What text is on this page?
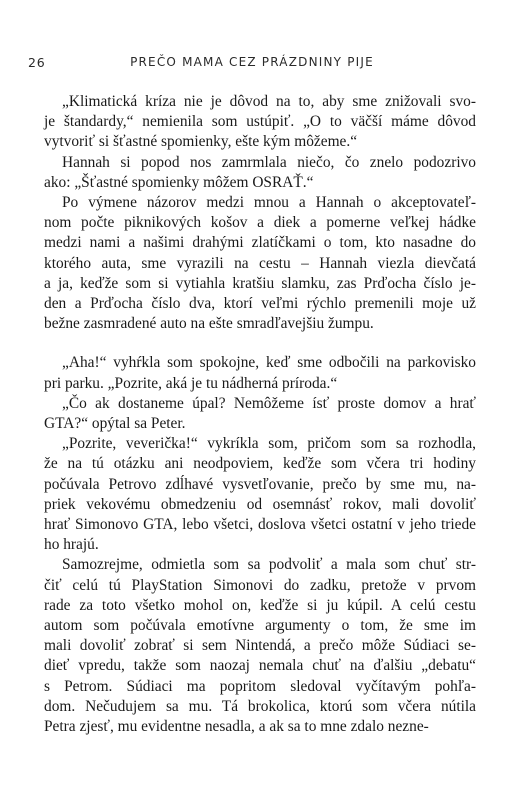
26	PREČO MAMA CEZ PRÁZDNINY PIJE

„Klimatická kríza nie je dôvod na to, aby sme znižovali svo-
je štandardy,“ nemienila som ustúpiť. „O to väčší máme dôvod
vytvoriť si šťastné spomienky, ešte kým môžeme.“

Hannah si popod nos zamrmlala niečo, čo znelo podozrivo
ako: „Šťastné spomienky môžem OSRAŤ.“

Po výmene názorov medzi mnou a Hannah o akceptovateľ-
nom počte piknikových košov a diek a pomerne veľkej hádke
medzi nami a našimi drahými zlatíčkami o tom, kto nasadne do
ktorého auta, sme vyrazili na cestu – Hannah viezla dievčatá
a ja, keďže som si vytiahla kratšiu slamku, zas Prďocha číslo je-
den a Prďocha číslo dva, ktorí veľmi rýchlo premenili moje už
bežne zasmradené auto na ešte smradľavejšiu žumpu.

„Aha!“ vyhŕkla som spokojne, keď sme odbočili na parkovisko
pri parku. „Pozrite, aká je tu nádherná príroda.“

„Čo ak dostaneme úpal? Nemôžeme ísť proste domov a hrať
GTA?“ opýtal sa Peter.

„Pozrite, veverička!“ vykríkla som, pričom som sa rozhodla,
že na tú otázku ani neodpoviem, keďže som včera tri hodiny
počúvala Petrovo zdĺhavé vysvetľovanie, prečo by sme mu, na-
priek vekovému obmedzeniu od osemnásť rokov, mali dovoliť
hrať Simonovo GTA, lebo všetci, doslova všetci ostatní v jeho triede
ho hrajú.

Samozrejme, odmietla som sa podvoliť a mala som chuť str-
čiť celú tú PlayStation Simonovi do zadku, pretože v prvom
rade za toto všetko mohol on, keďže si ju kúpil. A celú cestu
autom som počúvala emotívne argumenty o tom, že sme im
mali dovoliť zobrať si sem Nintendá, a prečo môže Súdiaci se-
dieť vpredu, takže som naozaj nemala chuť na ďalšiu „debatu“
s Petrom. Súdiaci ma popritom sledoval vyčítavým pohľa-
dom. Nečudujem sa mu. Tá brokolica, ktorú som včera nútila
Petra zjesť, mu evidentne nesadla, a ak sa to mne zdalo nezne-
